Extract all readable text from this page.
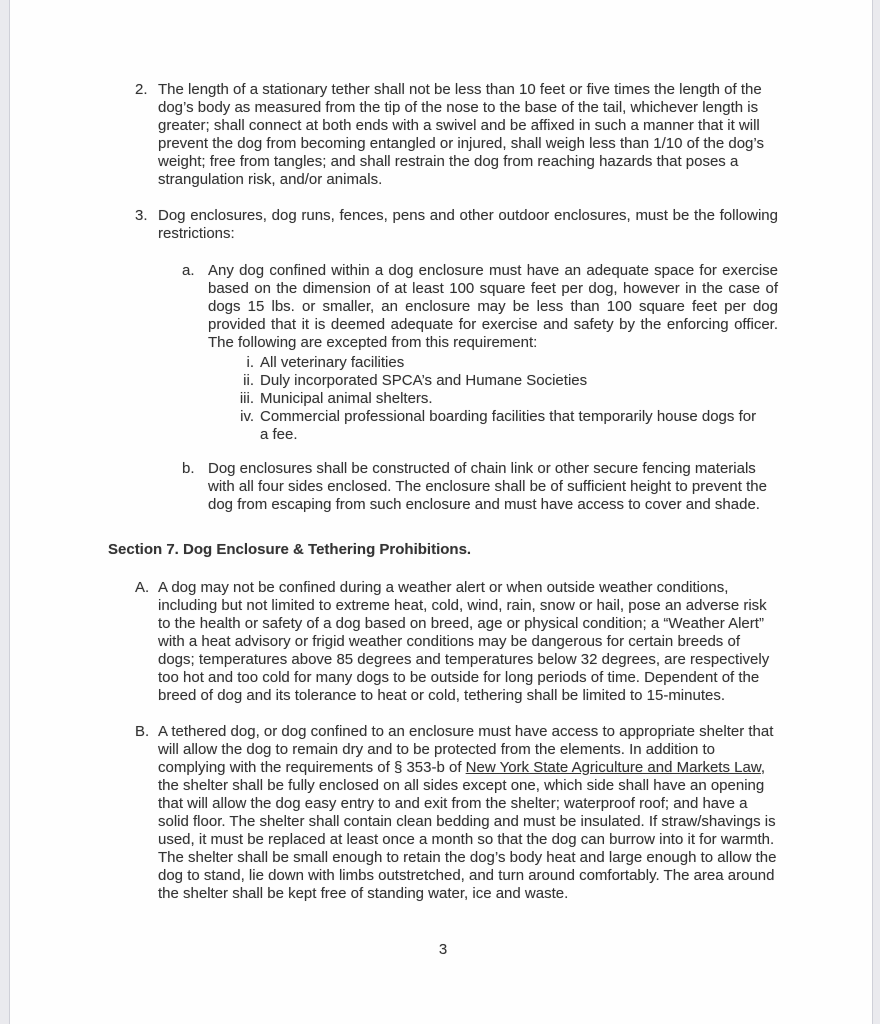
2. The length of a stationary tether shall not be less than 10 feet or five times the length of the dog’s body as measured from the tip of the nose to the base of the tail, whichever length is greater; shall connect at both ends with a swivel and be affixed in such a manner that it will prevent the dog from becoming entangled or injured, shall weigh less than 1/10 of the dog’s weight; free from tangles; and shall restrain the dog from reaching hazards that poses a strangulation risk, and/or animals.
3. Dog enclosures, dog runs, fences, pens and other outdoor enclosures, must be the following restrictions:
a. Any dog confined within a dog enclosure must have an adequate space for exercise based on the dimension of at least 100 square feet per dog, however in the case of dogs 15 lbs. or smaller, an enclosure may be less than 100 square feet per dog provided that it is deemed adequate for exercise and safety by the enforcing officer. The following are excepted from this requirement:
i. All veterinary facilities
ii. Duly incorporated SPCA’s and Humane Societies
iii. Municipal animal shelters.
iv. Commercial professional boarding facilities that temporarily house dogs for a fee.
b. Dog enclosures shall be constructed of chain link or other secure fencing materials with all four sides enclosed. The enclosure shall be of sufficient height to prevent the dog from escaping from such enclosure and must have access to cover and shade.
Section 7. Dog Enclosure & Tethering Prohibitions.
A. A dog may not be confined during a weather alert or when outside weather conditions, including but not limited to extreme heat, cold, wind, rain, snow or hail, pose an adverse risk to the health or safety of a dog based on breed, age or physical condition; a “Weather Alert” with a heat advisory or frigid weather conditions may be dangerous for certain breeds of dogs; temperatures above 85 degrees and temperatures below 32 degrees, are respectively too hot and too cold for many dogs to be outside for long periods of time. Dependent of the breed of dog and its tolerance to heat or cold, tethering shall be limited to 15-minutes.
B. A tethered dog, or dog confined to an enclosure must have access to appropriate shelter that will allow the dog to remain dry and to be protected from the elements. In addition to complying with the requirements of § 353-b of New York State Agriculture and Markets Law, the shelter shall be fully enclosed on all sides except one, which side shall have an opening that will allow the dog easy entry to and exit from the shelter; waterproof roof; and have a solid floor. The shelter shall contain clean bedding and must be insulated. If straw/shavings is used, it must be replaced at least once a month so that the dog can burrow into it for warmth. The shelter shall be small enough to retain the dog’s body heat and large enough to allow the dog to stand, lie down with limbs outstretched, and turn around comfortably. The area around the shelter shall be kept free of standing water, ice and waste.
3
